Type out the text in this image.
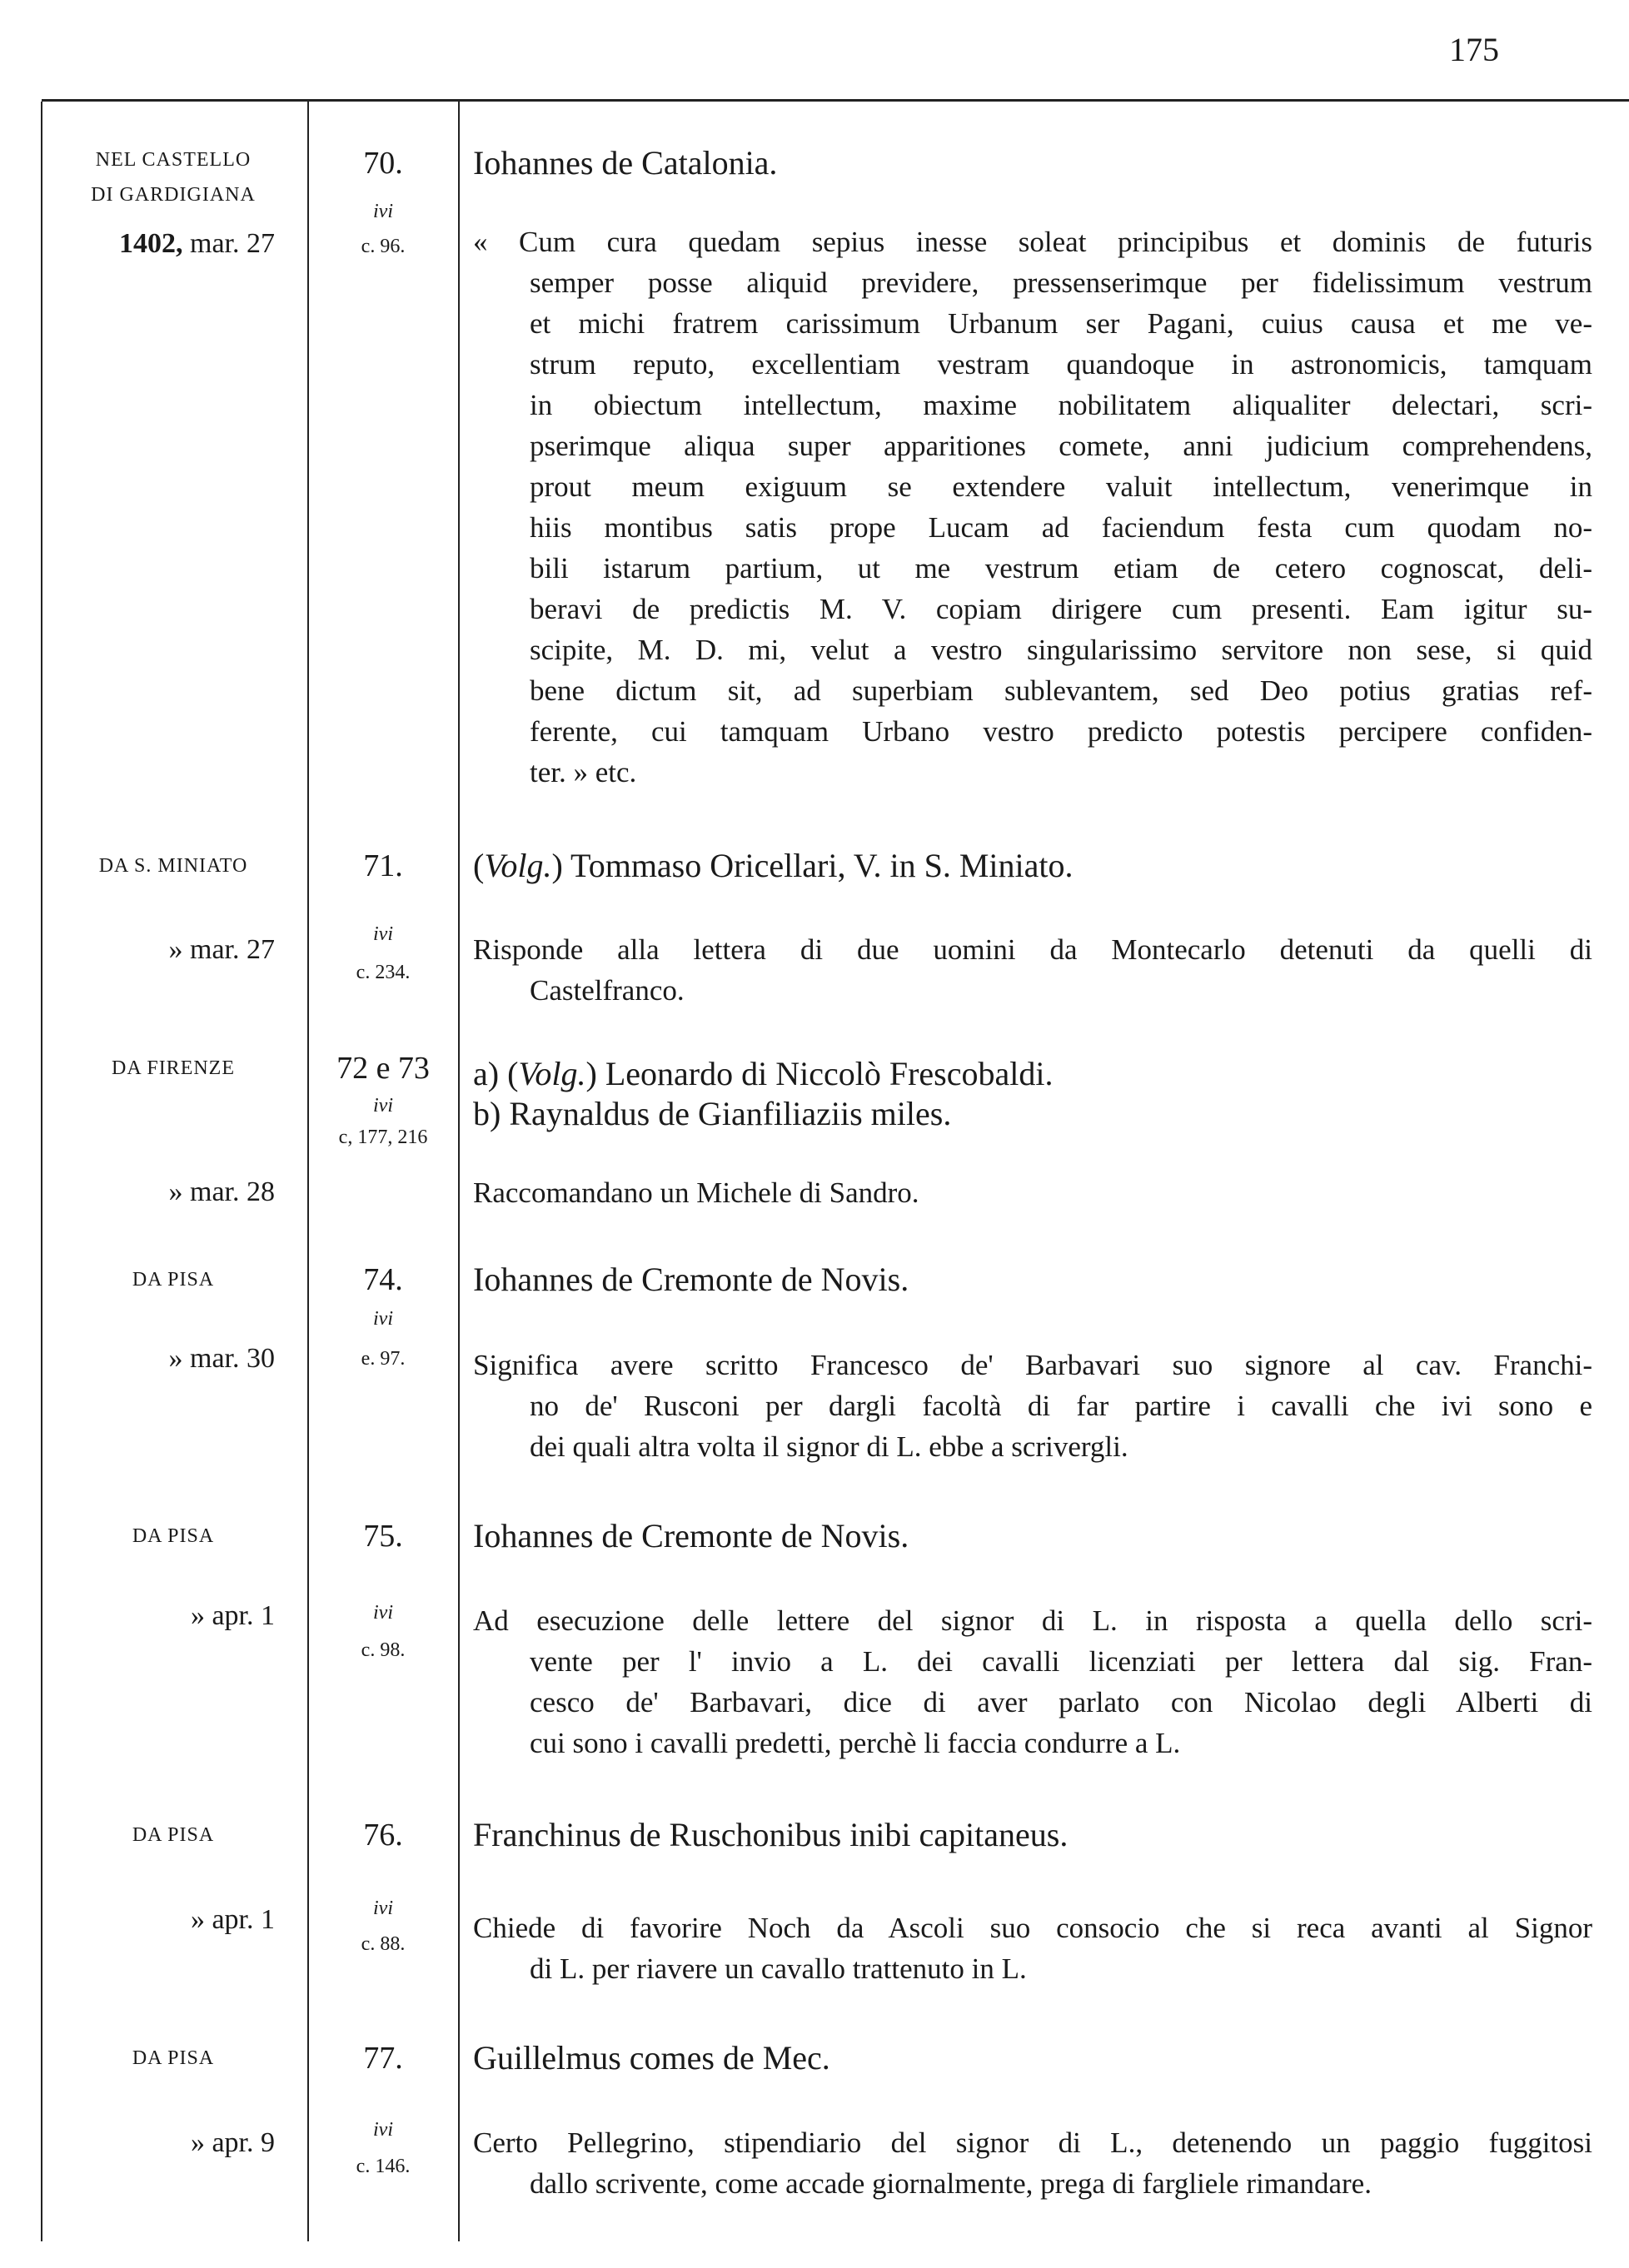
175
NEL CASTELLO
DI GARDIGIANA
1402, mar. 27
70.
ivi
c. 96.
Iohannes de Catalonia.
« Cum cura quedam sepius inesse soleat principibus et dominis de futuris
semper posse aliquid previdere, pressenserimque per fidelissimum vestrum
et michi fratrem carissimum Urbanum ser Pagani, cuius causa et me ve-
strum reputo, excellentiam vestram quandoque in astronomicis, tamquam
in obiectum intellectum, maxime nobilitatem aliqualiter delectari, scri-
pserimque aliqua super apparitiones comete, anni judicium comprehendens,
prout meum exiguum se extendere valuit intellectum, venerimque in
hiis montibus satis prope Lucam ad faciendum festa cum quodam no-
bili istarum partium, ut me vestrum etiam de cetero cognoscat, deli-
beravi de predictis M. V. copiam dirigere cum presenti. Eam igitur su-
scipite, M. D. mi, velut a vestro singularissimo servitore non sese, si quid
bene dictum sit, ad superbiam sublevantem, sed Deo potius gratias ref-
ferente, cui tamquam Urbano vestro predicto potestis percipere confiden-
ter. » etc.
DA S. MINIATO
» mar. 27
71.
ivi
c. 234.
(Volg.) Tommaso Oricellari, V. in S. Miniato.
Risponde alla lettera di due uomini da Montecarlo detenuti da quelli di
Castelfranco.
DA FIRENZE
» mar. 28
72 e 73
ivi
c, 177, 216
a) (Volg.) Leonardo di Niccolò Frescobaldi.
b) Raynaldus de Gianfiliaziis miles.
Raccomandano un Michele di Sandro.
DA PISA
» mar. 30
74.
ivi
e. 97.
Iohannes de Cremonte de Novis.
Significa avere scritto Francesco de' Barbavari suo signore al cav. Franchi-
no de' Rusconi per dargli facoltà di far partire i cavalli che ivi sono e
dei quali altra volta il signor di L. ebbe a scrivergli.
DA PISA
» apr. 1
75.
ivi
c. 98.
Iohannes de Cremonte de Novis.
Ad esecuzione delle lettere del signor di L. in risposta a quella dello scri-
vente per l' invio a L. dei cavalli licenziati per lettera dal sig. Fran-
cesco de' Barbavari, dice di aver parlato con Nicolao degli Alberti di
cui sono i cavalli predetti, perchè li faccia condurre a L.
DA PISA
» apr. 1
76.
ivi
c. 88.
Franchinus de Ruschonibus inibi capitaneus.
Chiede di favorire Noch da Ascoli suo consocio che si reca avanti al Signor
di L. per riavere un cavallo trattenuto in L.
DA PISA
» apr. 9
77.
ivi
c. 146.
Guillelmus comes de Mec.
Certo Pellegrino, stipendiario del signor di L., detenendo un paggio fuggitosi
dallo scrivente, come accade giornalmente, prega di fargliele rimandare.
